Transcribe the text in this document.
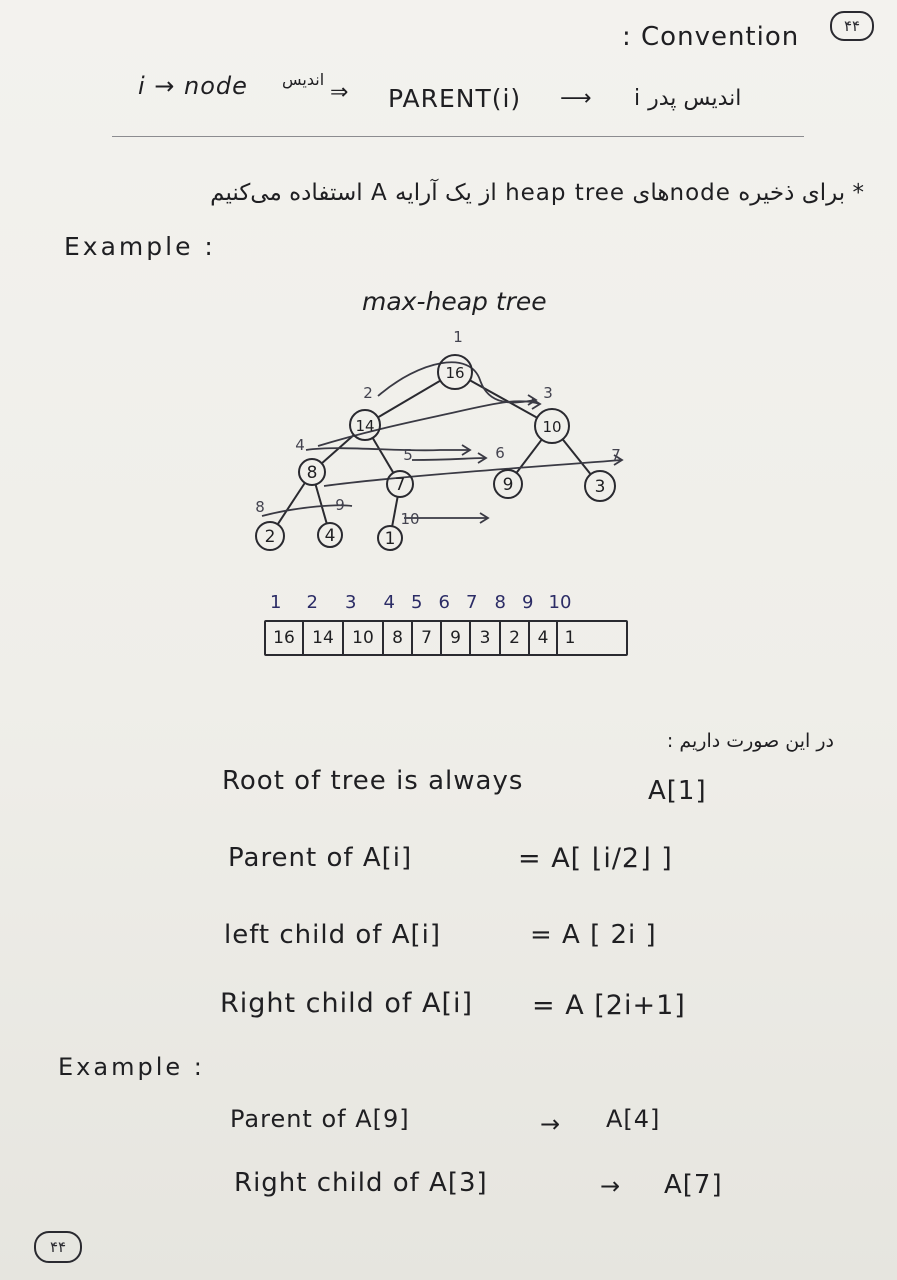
۴۴
۴۴
: Convention
i → node اندیس
⇒ PARENT(i) ⟶ اندیس پدر i
* برای ذخیره nodeهای heap tree از یک آرایه A استفاده می‌کنیم
Example :
max-heap tree
16
1
14
2
10
3
8
4
7
5
9
6
3
7
2
8
4
9
1
10
1 2 3 4 5 6 7 8 9 10
16	14	10	8	7	9	3	2	4 1
در این صورت داریم :
Root of tree is always	A[1]
Parent of A[i]	= A[ ⌊i/2⌋ ]
left child of A[i]	= A [ 2i ]
Right child of A[i] = A [2i+1]
Example :
Parent of A[9]	→ A[4]
Right child of A[3]	→ A[7]
